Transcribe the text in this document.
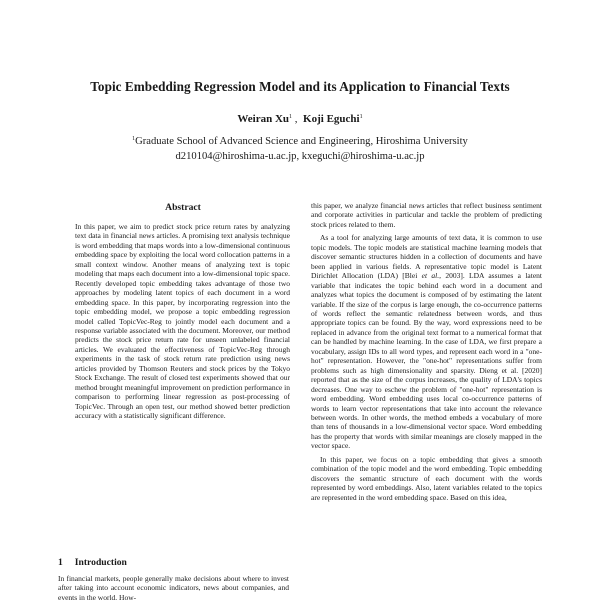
Topic Embedding Regression Model and its Application to Financial Texts
Weiran Xu$^1$ , Koji Eguchi$^1$
$^1$Graduate School of Advanced Science and Engineering, Hiroshima University
d210104@hiroshima-u.ac.jp, kxeguchi@hiroshima-u.ac.jp
Abstract
In this paper, we aim to predict stock price return rates by analyzing text data in financial news articles. A promising text analysis technique is word embedding that maps words into a low-dimensional continuous embedding space by exploiting the local word collocation patterns in a small context window. Another means of analyzing text is topic modeling that maps each document into a low-dimensional topic space. Recently developed topic embedding takes advantage of those two approaches by modeling latent topics of each document in a word embedding space. In this paper, by incorporating regression into the topic embedding model, we propose a topic embedding regression model called TopicVec-Reg to jointly model each document and a response variable associated with the document. Moreover, our method predicts the stock price return rate for unseen unlabeled financial articles. We evaluated the effectiveness of TopicVec-Reg through experiments in the task of stock return rate prediction using news articles provided by Thomson Reuters and stock prices by the Tokyo Stock Exchange. The result of closed test experiments showed that our method brought meaningful improvement on prediction performance in comparison to performing linear regression as post-processing of TopicVec. Through an open test, our method showed better prediction accuracy with a statistically significant difference.
1 Introduction
In financial markets, people generally make decisions about where to invest after taking into account economic indicators, news about companies, and events in the world. How-

this paper, we analyze financial news articles that reflect business sentiment and corporate activities in particular and tackle the problem of predicting stock prices related to them.

As a tool for analyzing large amounts of text data, it is common to use topic models. The topic models are statistical machine learning models that discover semantic structures hidden in a collection of documents and have been applied in various fields. A representative topic model is Latent Dirichlet Allocation (LDA) [Blei et al., 2003]. LDA assumes a latent variable that indicates the topic behind each word in a document and analyzes what topics the document is composed of by estimating the latent variable. If the size of the corpus is large enough, the co-occurrence patterns of words reflect the semantic relatedness between words, and thus appropriate topics can be found. By the way, word expressions need to be replaced in advance from the original text format to a numerical format that can be handled by machine learning. In the case of LDA, we first prepare a vocabulary, assign IDs to all word types, and represent each word in a "one-hot" representation. However, the "one-hot" representations suffer from problems such as high dimensionality and sparsity. Dieng et al. [2020] reported that as the size of the corpus increases, the quality of LDA's topics decreases. One way to eschew the problem of "one-hot" representation is word embedding. Word embedding uses local co-occurrence patterns of words to learn vector representations that take into account the relevance between words. In other words, the method embeds a vocabulary of more than tens of thousands in a low-dimensional vector space. Word embedding has the property that words with similar meanings are closely mapped in the vector space.

In this paper, we focus on a topic embedding that gives a smooth combination of the topic model and the word embedding. Topic embedding discovers the semantic structure of each document with the words represented by word embeddings. Also, latent variables related to the topics are represented in the word embedding space. Based on this idea,
